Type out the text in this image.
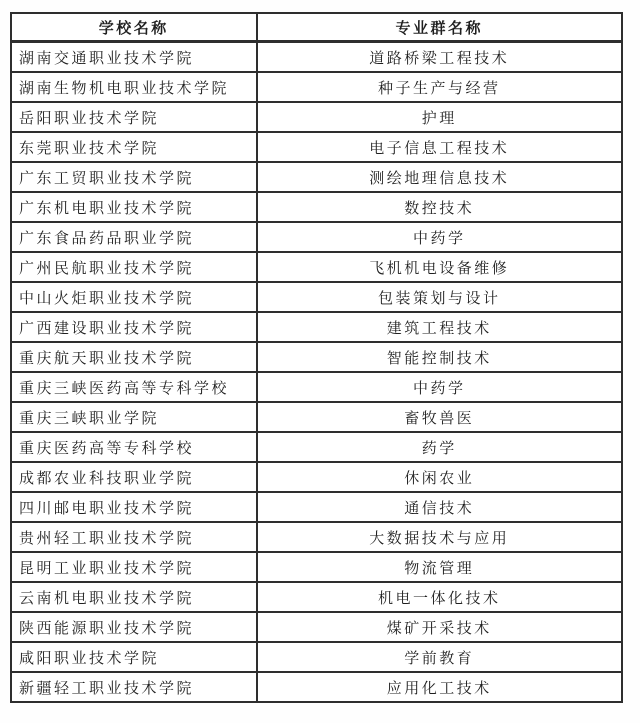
学校名称	专业群名称
湖南交通职业技术学院	道路桥梁工程技术
湖南生物机电职业技术学院	种子生产与经营
岳阳职业技术学院	护理
东莞职业技术学院	电子信息工程技术
广东工贸职业技术学院	测绘地理信息技术
广东机电职业技术学院	数控技术
广东食品药品职业学院	中药学
广州民航职业技术学院	飞机机电设备维修
中山火炬职业技术学院	包装策划与设计
广西建设职业技术学院	建筑工程技术
重庆航天职业技术学院	智能控制技术
重庆三峡医药高等专科学校	中药学
重庆三峡职业学院	畜牧兽医
重庆医药高等专科学校	药学
成都农业科技职业学院	休闲农业
四川邮电职业技术学院	通信技术
贵州轻工职业技术学院	大数据技术与应用
昆明工业职业技术学院	物流管理
云南机电职业技术学院	机电一体化技术
陕西能源职业技术学院	煤矿开采技术
咸阳职业技术学院	学前教育
新疆轻工职业技术学院	应用化工技术
